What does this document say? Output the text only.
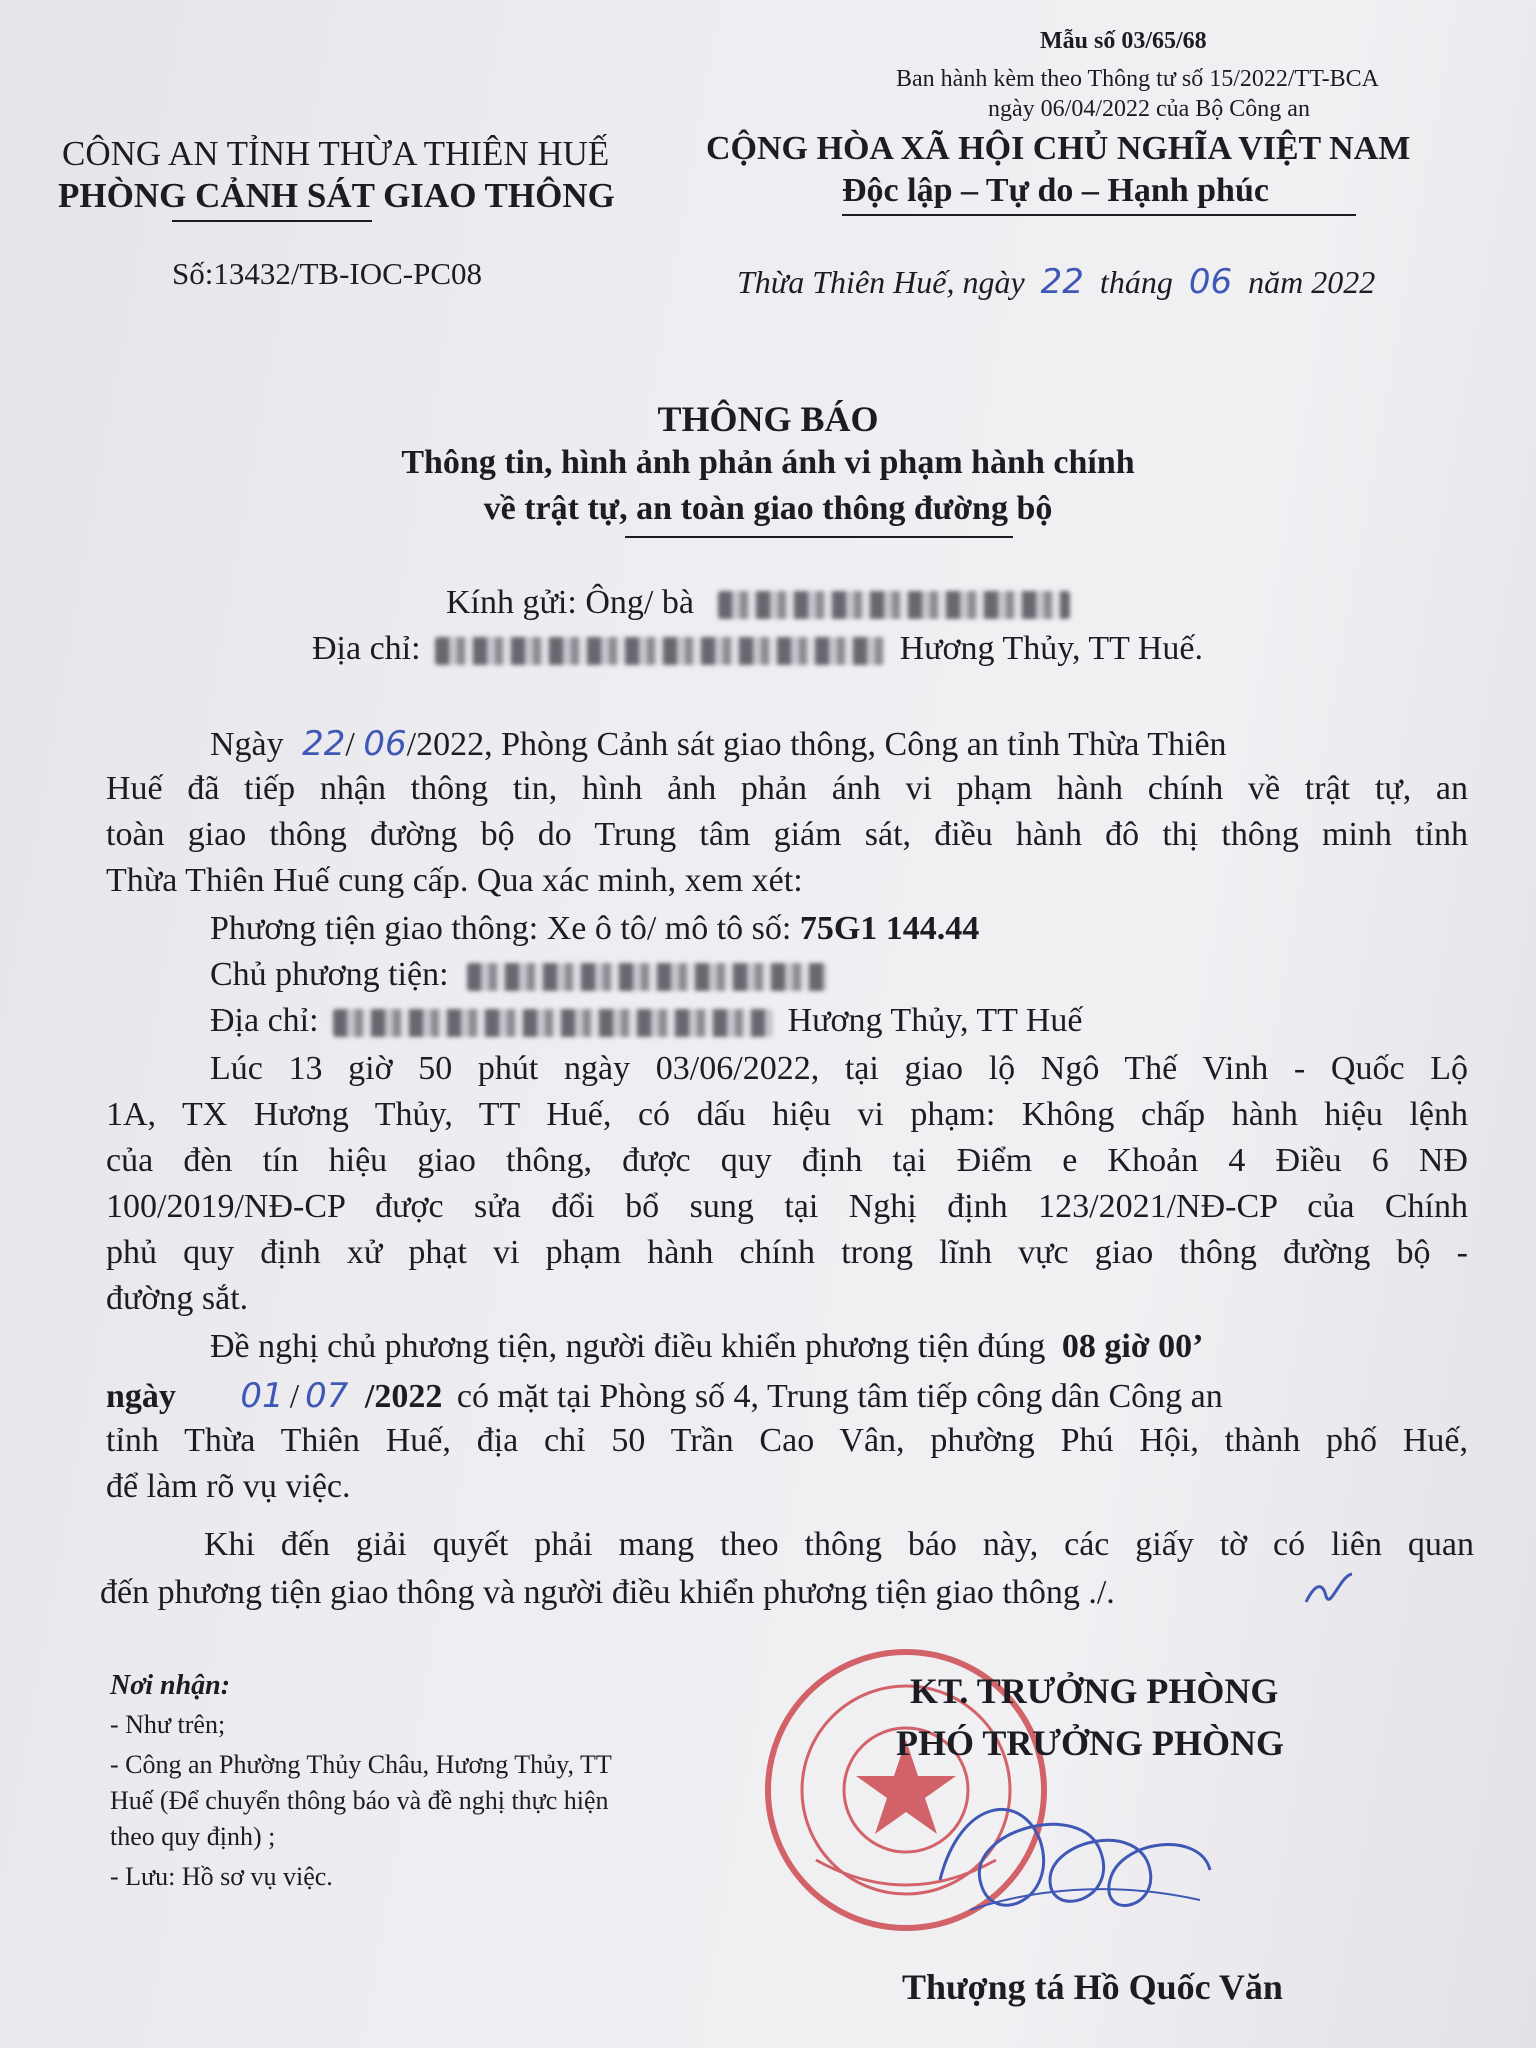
Mẫu số 03/65/68
Ban hành kèm theo Thông tư số 15/2022/TT-BCA
ngày 06/04/2022 của Bộ Công an
CÔNG AN TỈNH THỪA THIÊN HUẾ
PHÒNG CẢNH SÁT GIAO THÔNG
Số:13432/TB-IOC-PC08
CỘNG HÒA XÃ HỘI CHỦ NGHĨA VIỆT NAM
Độc lập – Tự do – Hạnh phúc
Thừa Thiên Huế, ngày 22 tháng 06 năm 2022
THÔNG BÁO
Thông tin, hình ảnh phản ánh vi phạm hành chính
về trật tự, an toàn giao thông đường bộ
Kính gửi: Ông/ bà
Địa chỉ:	Hương Thủy, TT Huế.
Ngày 22/ 06/2022, Phòng Cảnh sát giao thông, Công an tỉnh Thừa Thiên
Huế đã tiếp nhận thông tin, hình ảnh phản ánh vi phạm hành chính về trật tự, an
toàn giao thông đường bộ do Trung tâm giám sát, điều hành đô thị thông minh tỉnh
Thừa Thiên Huế cung cấp. Qua xác minh, xem xét:
Phương tiện giao thông: Xe ô tô/ mô tô số: 75G1 144.44
Chủ phương tiện:
Địa chỉ:	Hương Thủy, TT Huế
Lúc 13 giờ 50 phút ngày 03/06/2022, tại giao lộ Ngô Thế Vinh - Quốc Lộ
1A, TX Hương Thủy, TT Huế, có dấu hiệu vi phạm: Không chấp hành hiệu lệnh
của đèn tín hiệu giao thông, được quy định tại Điểm e Khoản 4 Điều 6 NĐ
100/2019/NĐ-CP được sửa đổi bổ sung tại Nghị định 123/2021/NĐ-CP của Chính
phủ quy định xử phạt vi phạm hành chính trong lĩnh vực giao thông đường bộ -
đường sắt.
Đề nghị chủ phương tiện, người điều khiển phương tiện đúng 08 giờ 00’
ngày 01 / 07 /2022 có mặt tại Phòng số 4, Trung tâm tiếp công dân Công an
tỉnh Thừa Thiên Huế, địa chỉ 50 Trần Cao Vân, phường Phú Hội, thành phố Huế,
để làm rõ vụ việc.
Khi đến giải quyết phải mang theo thông báo này, các giấy tờ có liên quan
đến phương tiện giao thông và người điều khiển phương tiện giao thông ./.
Nơi nhận:
- Như trên;
- Công an Phường Thủy Châu, Hương Thủy, TT
Huế (Để chuyển thông báo và đề nghị thực hiện
theo quy định) ;
- Lưu: Hồ sơ vụ việc.
KT. TRƯỞNG PHÒNG
PHÓ TRƯỞNG PHÒNG
Thượng tá Hồ Quốc Văn
